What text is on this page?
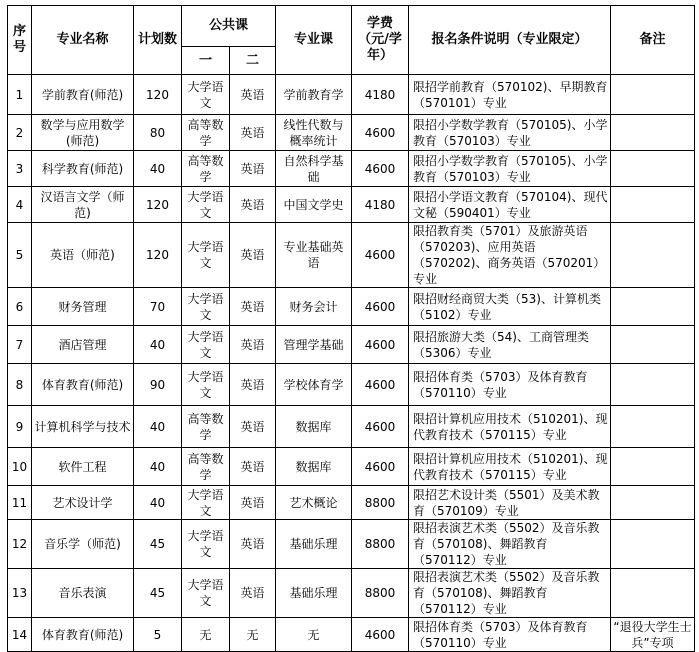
序号	专业名称	计划数	公共课		专业课	学费（元/学年）	报名条件说明（专业限定）	备注
			一	二				
1	学前教育(师范)	120	大学语文	英语	学前教育学	4180	限招学前教育（570102)、早期教育（570101）专业	
2	数学与应用数学(师范)	80	高等数学	英语	线性代数与概率统计	4600	限招小学数学教育（570105)、小学教育（570103）专业	
3	科学教育(师范)	40	高等数学	英语	自然科学基础	4600	限招小学数学教育（570105)、小学教育（570103）专业	
4	汉语言文学（师范)	120	大学语文	英语	中国文学史	4180	限招小学语文教育（570104)、现代文秘（590401）专业	
5	英语（师范)	120	大学语文	英语	专业基础英语	4600	限招教育类（5701）及旅游英语（570203)、应用英语（570202)、商务英语（570201）专业	
6	财务管理	70	大学语文	英语	财务会计	4600	限招财经商贸大类（53)、计算机类（5102）专业	
7	酒店管理	40	大学语文	英语	管理学基础	4600	限招旅游大类（54)、工商管理类（5306）专业	
8	体育教育(师范)	90	大学语文	英语	学校体育学	4600	限招体育类（5703）及体育教育（570110）专业	
9	计算机科学与技术	40	高等数学	英语	数据库	4600	限招计算机应用技术（510201)、现代教育技术（570115）专业	
10	软件工程	40	高等数学	英语	数据库	4600	限招计算机应用技术（510201)、现代教育技术（570115）专业	
11	艺术设计学	40	大学语文	英语	艺术概论	8800	限招艺术设计类（5501）及美术教育（570109）专业	
12	音乐学（师范)	45	大学语文	英语	基础乐理	8800	限招表演艺术类（5502）及音乐教育（570108)、舞蹈教育（570112）专业	
13	音乐表演	45	大学语文	英语	基础乐理	8800	限招表演艺术类（5502）及音乐教育（570108)、舞蹈教育（570112）专业	
14	体育教育(师范)	5	无	无	无	4600	限招体育类（5703）及体育教育（570110）专业	“退役大学生士兵”专项
